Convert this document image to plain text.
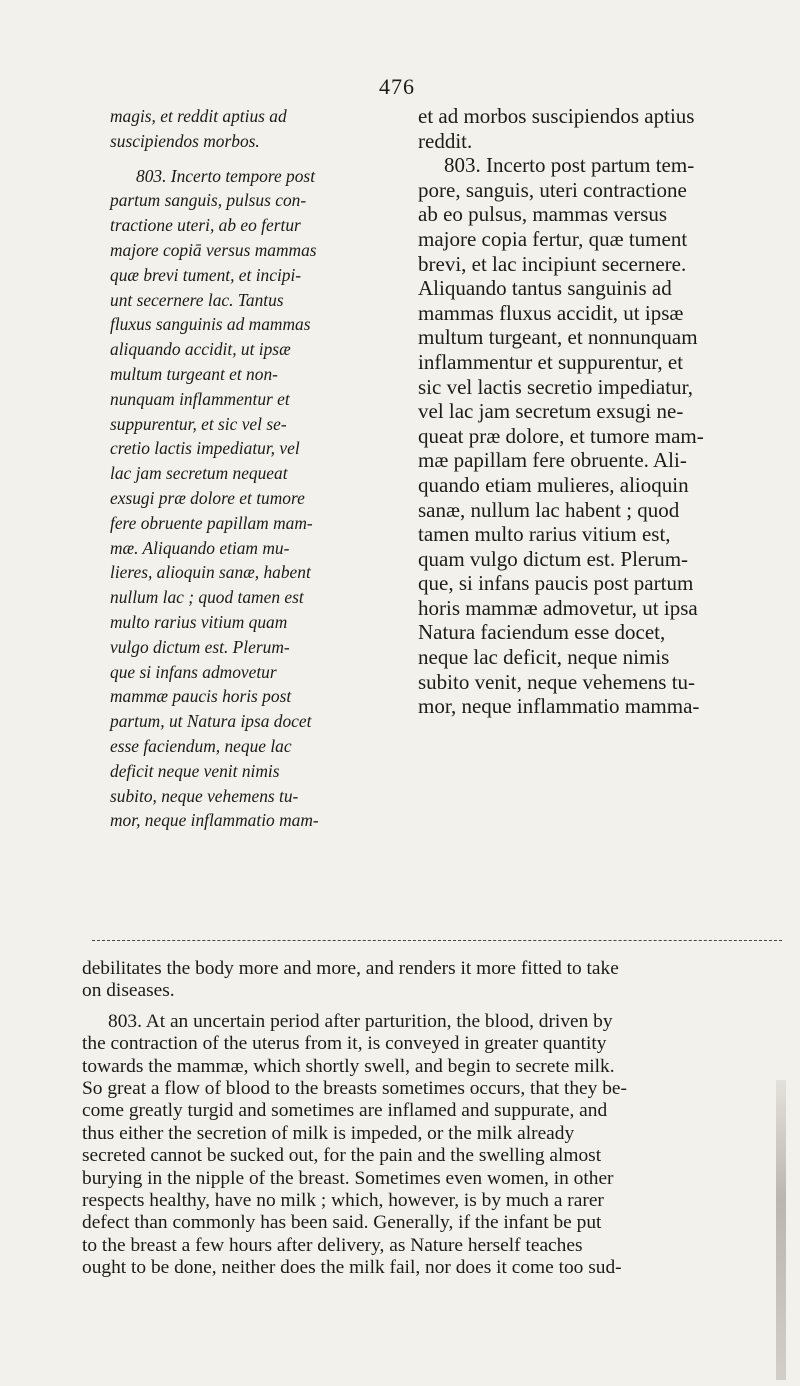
476

magis, et reddit aptius ad
suscipiendos morbos.

803. Incerto tempore post
partum sanguis, pulsus con-
tractione uteri, ab eo fertur
majore copiā versus mammas
quæ brevi tument, et incipi-
unt secernere lac. Tantus
fluxus sanguinis ad mammas
aliquando accidit, ut ipsæ
multum turgeant et non-
nunquam inflammentur et
suppurentur, et sic vel se-
cretio lactis impediatur, vel
lac jam secretum nequeat
exsugi præ dolore et tumore
fere obruente papillam mam-
mæ. Aliquando etiam mu-
lieres, alioquin sanæ, habent
nullum lac ; quod tamen est
multo rarius vitium quam
vulgo dictum est. Plerum-
que si infans admovetur
mammæ paucis horis post
partum, ut Natura ipsa docet
esse faciendum, neque lac
deficit neque venit nimis
subito, neque vehemens tu-
mor, neque inflammatio mam-

et ad morbos suscipiendos aptius
reddit.

803. Incerto post partum tem-
pore, sanguis, uteri contractione
ab eo pulsus, mammas versus
majore copia fertur, quæ tument
brevi, et lac incipiunt secernere.
Aliquando tantus sanguinis ad
mammas fluxus accidit, ut ipsæ
multum turgeant, et nonnunquam
inflammentur et suppurentur, et
sic vel lactis secretio impediatur,
vel lac jam secretum exsugi ne-
queat præ dolore, et tumore mam-
mæ papillam fere obruente. Ali-
quando etiam mulieres, alioquin
sanæ, nullum lac habent ; quod
tamen multo rarius vitium est,
quam vulgo dictum est. Plerum-
que, si infans paucis post partum
horis mammæ admovetur, ut ipsa
Natura faciendum esse docet,
neque lac deficit, neque nimis
subito venit, neque vehemens tu-
mor, neque inflammatio mamma-

debilitates the body more and more, and renders it more fitted to take
on diseases.

803. At an uncertain period after parturition, the blood, driven by
the contraction of the uterus from it, is conveyed in greater quantity
towards the mammæ, which shortly swell, and begin to secrete milk.
So great a flow of blood to the breasts sometimes occurs, that they be-
come greatly turgid and sometimes are inflamed and suppurate, and
thus either the secretion of milk is impeded, or the milk already
secreted cannot be sucked out, for the pain and the swelling almost
burying in the nipple of the breast. Sometimes even women, in other
respects healthy, have no milk ; which, however, is by much a rarer
defect than commonly has been said. Generally, if the infant be put
to the breast a few hours after delivery, as Nature herself teaches
ought to be done, neither does the milk fail, nor does it come too sud-
